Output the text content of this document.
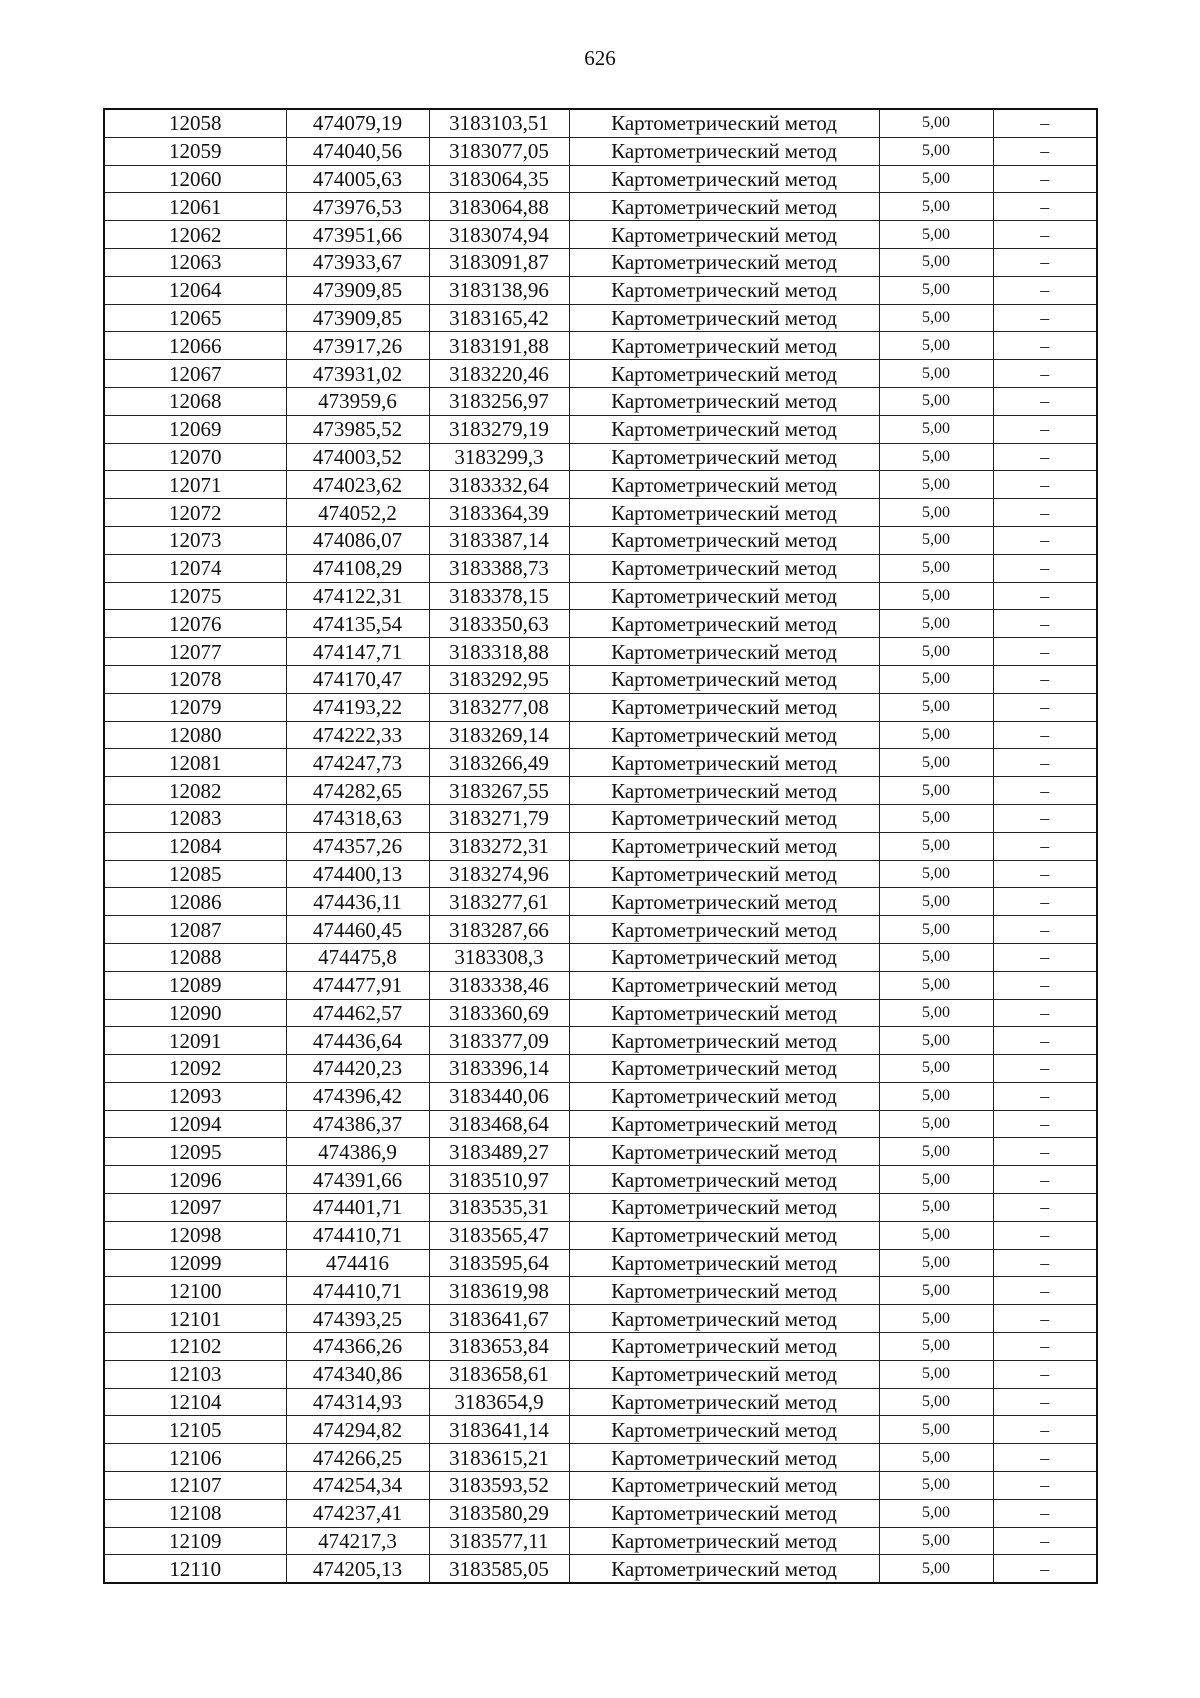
626
12058	474079,19	3183103,51	Картометрический метод	5,00	–
12059	474040,56	3183077,05	Картометрический метод	5,00	–
12060	474005,63	3183064,35	Картометрический метод	5,00	–
12061	473976,53	3183064,88	Картометрический метод	5,00	–
12062	473951,66	3183074,94	Картометрический метод	5,00	–
12063	473933,67	3183091,87	Картометрический метод	5,00	–
12064	473909,85	3183138,96	Картометрический метод	5,00	–
12065	473909,85	3183165,42	Картометрический метод	5,00	–
12066	473917,26	3183191,88	Картометрический метод	5,00	–
12067	473931,02	3183220,46	Картометрический метод	5,00	–
12068	473959,6	3183256,97	Картометрический метод	5,00	–
12069	473985,52	3183279,19	Картометрический метод	5,00	–
12070	474003,52	3183299,3	Картометрический метод	5,00	–
12071	474023,62	3183332,64	Картометрический метод	5,00	–
12072	474052,2	3183364,39	Картометрический метод	5,00	–
12073	474086,07	3183387,14	Картометрический метод	5,00	–
12074	474108,29	3183388,73	Картометрический метод	5,00	–
12075	474122,31	3183378,15	Картометрический метод	5,00	–
12076	474135,54	3183350,63	Картометрический метод	5,00	–
12077	474147,71	3183318,88	Картометрический метод	5,00	–
12078	474170,47	3183292,95	Картометрический метод	5,00	–
12079	474193,22	3183277,08	Картометрический метод	5,00	–
12080	474222,33	3183269,14	Картометрический метод	5,00	–
12081	474247,73	3183266,49	Картометрический метод	5,00	–
12082	474282,65	3183267,55	Картометрический метод	5,00	–
12083	474318,63	3183271,79	Картометрический метод	5,00	–
12084	474357,26	3183272,31	Картометрический метод	5,00	–
12085	474400,13	3183274,96	Картометрический метод	5,00	–
12086	474436,11	3183277,61	Картометрический метод	5,00	–
12087	474460,45	3183287,66	Картометрический метод	5,00	–
12088	474475,8	3183308,3	Картометрический метод	5,00	–
12089	474477,91	3183338,46	Картометрический метод	5,00	–
12090	474462,57	3183360,69	Картометрический метод	5,00	–
12091	474436,64	3183377,09	Картометрический метод	5,00	–
12092	474420,23	3183396,14	Картометрический метод	5,00	–
12093	474396,42	3183440,06	Картометрический метод	5,00	–
12094	474386,37	3183468,64	Картометрический метод	5,00	–
12095	474386,9	3183489,27	Картометрический метод	5,00	–
12096	474391,66	3183510,97	Картометрический метод	5,00	–
12097	474401,71	3183535,31	Картометрический метод	5,00	–
12098	474410,71	3183565,47	Картометрический метод	5,00	–
12099	474416	3183595,64	Картометрический метод	5,00	–
12100	474410,71	3183619,98	Картометрический метод	5,00	–
12101	474393,25	3183641,67	Картометрический метод	5,00	–
12102	474366,26	3183653,84	Картометрический метод	5,00	–
12103	474340,86	3183658,61	Картометрический метод	5,00	–
12104	474314,93	3183654,9	Картометрический метод	5,00	–
12105	474294,82	3183641,14	Картометрический метод	5,00	–
12106	474266,25	3183615,21	Картометрический метод	5,00	–
12107	474254,34	3183593,52	Картометрический метод	5,00	–
12108	474237,41	3183580,29	Картометрический метод	5,00	–
12109	474217,3	3183577,11	Картометрический метод	5,00	–
12110	474205,13	3183585,05	Картометрический метод	5,00	–
